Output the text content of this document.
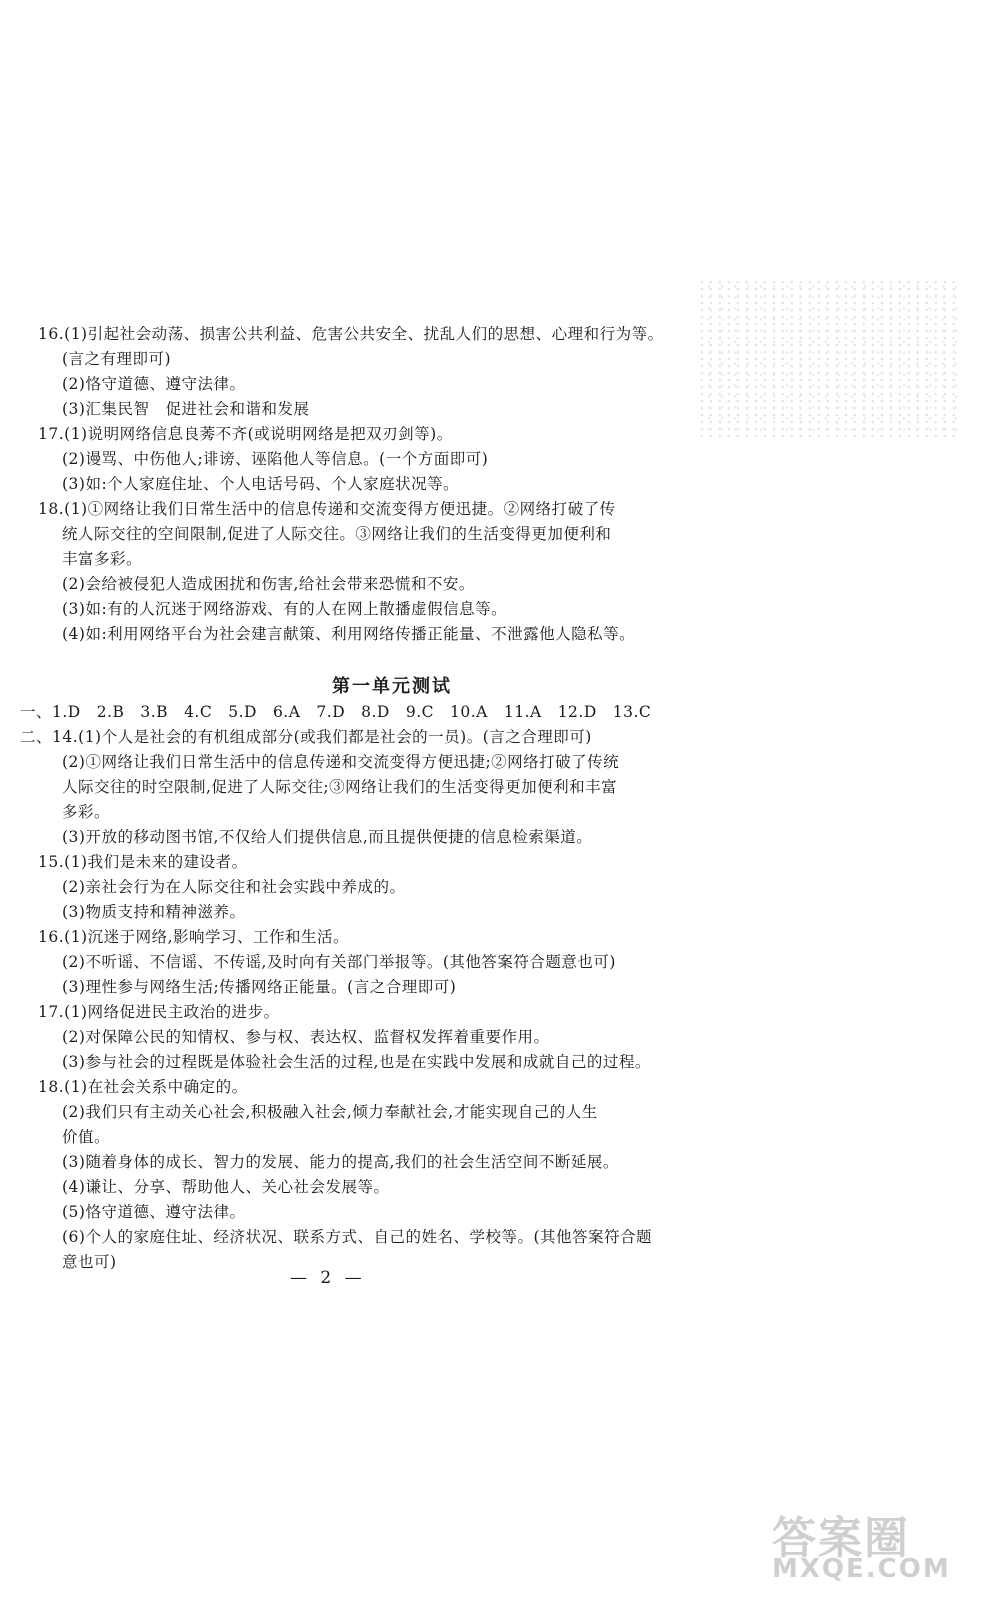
16.(1)引起社会动荡、损害公共利益、危害公共安全、扰乱人们的思想、心理和行为等。
(言之有理即可)
(2)恪守道德、遵守法律。
(3)汇集民智　促进社会和谐和发展
17.(1)说明网络信息良莠不齐(或说明网络是把双刃剑等)。
(2)谩骂、中伤他人;诽谤、诬陷他人等信息。(一个方面即可)
(3)如:个人家庭住址、个人电话号码、个人家庭状况等。
18.(1)①网络让我们日常生活中的信息传递和交流变得方便迅捷。②网络打破了传
统人际交往的空间限制,促进了人际交往。③网络让我们的生活变得更加便利和
丰富多彩。
(2)会给被侵犯人造成困扰和伤害,给社会带来恐慌和不安。
(3)如:有的人沉迷于网络游戏、有的人在网上散播虚假信息等。
(4)如:利用网络平台为社会建言献策、利用网络传播正能量、不泄露他人隐私等。
第一单元测试
一、1.D　2.B　3.B　4.C　5.D　6.A　7.D　8.D　9.C　10.A　11.A　12.D　13.C
二、14.(1)个人是社会的有机组成部分(或我们都是社会的一员)。(言之合理即可)
(2)①网络让我们日常生活中的信息传递和交流变得方便迅捷;②网络打破了传统
人际交往的时空限制,促进了人际交往;③网络让我们的生活变得更加便利和丰富
多彩。
(3)开放的移动图书馆,不仅给人们提供信息,而且提供便捷的信息检索渠道。
15.(1)我们是未来的建设者。
(2)亲社会行为在人际交往和社会实践中养成的。
(3)物质支持和精神滋养。
16.(1)沉迷于网络,影响学习、工作和生活。
(2)不听谣、不信谣、不传谣,及时向有关部门举报等。(其他答案符合题意也可)
(3)理性参与网络生活;传播网络正能量。(言之合理即可)
17.(1)网络促进民主政治的进步。
(2)对保障公民的知情权、参与权、表达权、监督权发挥着重要作用。
(3)参与社会的过程既是体验社会生活的过程,也是在实践中发展和成就自己的过程。
18.(1)在社会关系中确定的。
(2)我们只有主动关心社会,积极融入社会,倾力奉献社会,才能实现自己的人生
价值。
(3)随着身体的成长、智力的发展、能力的提高,我们的社会生活空间不断延展。
(4)谦让、分享、帮助他人、关心社会发展等。
(5)恪守道德、遵守法律。
(6)个人的家庭住址、经济状况、联系方式、自己的姓名、学校等。(其他答案符合题
意也可)
— 2 —
答案圈
MXQE.COM
